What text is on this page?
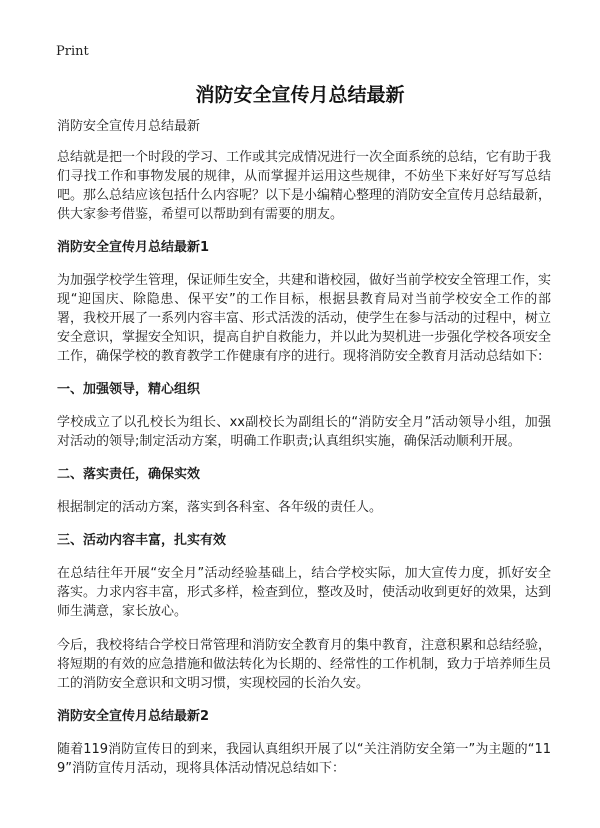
Print
消防安全宣传月总结最新

消防安全宣传月总结最新

总结就是把一个时段的学习、工作或其完成情况进行一次全面系统的总结，它有助于我们寻找工作和事物发展的规律，从而掌握并运用这些规律，不妨坐下来好好写写总结吧。那么总结应该包括什么内容呢？以下是小编精心整理的消防安全宣传月总结最新，供大家参考借鉴，希望可以帮助到有需要的朋友。

消防安全宣传月总结最新1

为加强学校学生管理，保证师生安全，共建和谐校园，做好当前学校安全管理工作，实现“迎国庆、除隐患、保平安”的工作目标，根据县教育局对当前学校安全工作的部署，我校开展了一系列内容丰富、形式活泼的活动，使学生在参与活动的过程中，树立安全意识，掌握安全知识，提高自护自救能力，并以此为契机进一步强化学校各项安全工作，确保学校的教育教学工作健康有序的进行。现将消防安全教育月活动总结如下:

一、加强领导，精心组织

学校成立了以孔校长为组长、xx副校长为副组长的“消防安全月”活动领导小组，加强对活动的领导;制定活动方案，明确工作职责;认真组织实施，确保活动顺利开展。

二、落实责任，确保实效

根据制定的活动方案，落实到各科室、各年级的责任人。

三、活动内容丰富，扎实有效

在总结往年开展“安全月”活动经验基础上，结合学校实际，加大宣传力度，抓好安全落实。力求内容丰富，形式多样，检查到位，整改及时，使活动收到更好的效果，达到师生满意，家长放心。

今后，我校将结合学校日常管理和消防安全教育月的集中教育，注意积累和总结经验，将短期的有效的应急措施和做法转化为长期的、经常性的工作机制，致力于培养师生员工的消防安全意识和文明习惯，实现校园的长治久安。

消防安全宣传月总结最新2

随着119消防宣传日的到来，我园认真组织开展了以“关注消防安全第一”为主题的“119”消防宣传月活动，现将具体活动情况总结如下：
